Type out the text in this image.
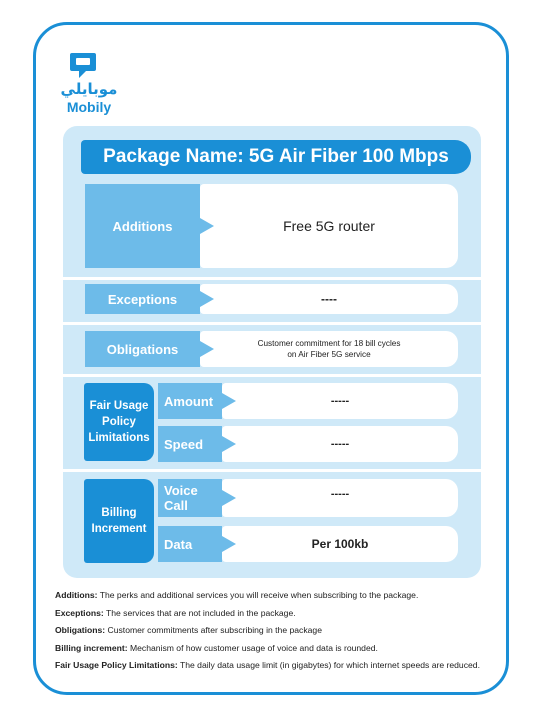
موبايلي
Mobily
Package Name: 5G Air Fiber 100 Mbps
Free 5G router
Additions
----
Exceptions
Customer commitment for 18 bill cycles
on Air Fiber 5G service
Obligations
Fair Usage
Policy
Limitations
-----
Amount
-----
Speed
Billing
Increment
-----
Voice Call
Per 100kb
Data

Additions: The perks and additional services you will receive when subscribing to the package.

Exceptions: The services that are not included in the package.

Obligations: Customer commitments after subscribing in the package

Billing increment: Mechanism of how customer usage of voice and data is rounded.

Fair Usage Policy Limitations: The daily data usage limit (in gigabytes) for which internet speeds are reduced.
